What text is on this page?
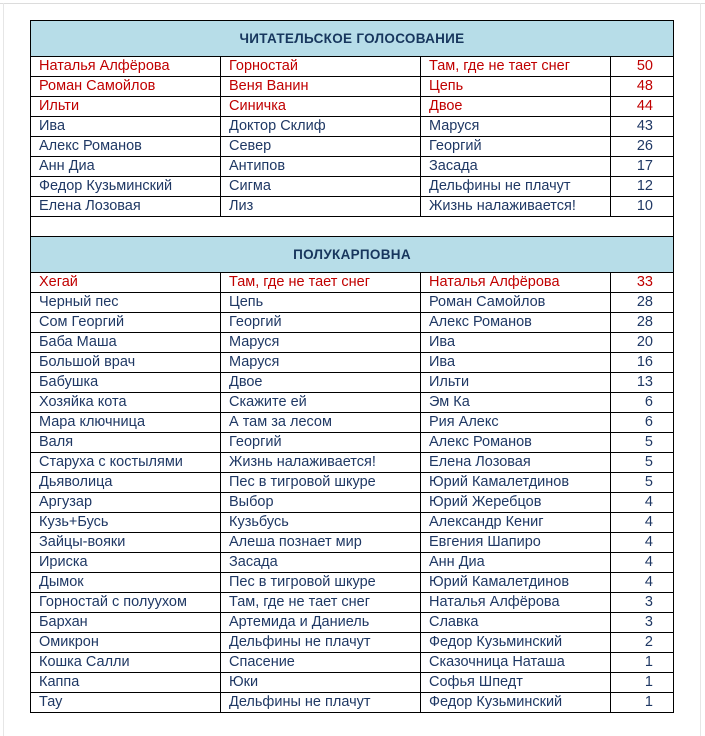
ЧИТАТЕЛЬСКОЕ ГОЛОСОВАНИЕ			
Наталья Алфёрова	Горностай	Там, где не тает снег	50
Роман Самойлов	Веня Ванин	Цепь	48
Ильти	Синичка	Двое	44
Ива	Доктор Склиф	Маруся	43
Алекс Романов	Север	Георгий	26
Анн Диа	Антипов	Засада	17
Федор Кузьминский	Сигма	Дельфины не плачут	12
Елена Лозовая	Лиз	Жизнь налаживается!	10

ПОЛУКАРПОВНА			
Хегай	Там, где не тает снег	Наталья Алфёрова	33
Черный пес	Цепь	Роман Самойлов	28
Сом Георгий	Георгий	Алекс Романов	28
Баба Маша	Маруся	Ива	20
Большой врач	Маруся	Ива	16
Бабушка	Двое	Ильти	13
Хозяйка кота	Скажите ей	Эм Ка	6
Мара ключница	А там за лесом	Рия Алекс	6
Валя	Георгий	Алекс Романов	5
Старуха с костылями	Жизнь налаживается!	Елена Лозовая	5
Дьяволица	Пес в тигровой шкуре	Юрий Камалетдинов	5
Аргузар	Выбор	Юрий Жеребцов	4
Кузь+Бусь	Кузьбусь	Александр Кениг	4
Зайцы-вояки	Алеша познает мир	Евгения Шапиро	4
Ириска	Засада	Анн Диа	4
Дымок	Пес в тигровой шкуре	Юрий Камалетдинов	4
Горностай с полуухом	Там, где не тает снег	Наталья Алфёрова	3
Бархан	Артемида и Даниель	Славка	3
Омикрон	Дельфины не плачут	Федор Кузьминский	2
Кошка Салли	Спасение	Сказочница Наташа	1
Каппа	Юки	Софья Шпедт	1
Тау	Дельфины не плачут	Федор Кузьминский	1
